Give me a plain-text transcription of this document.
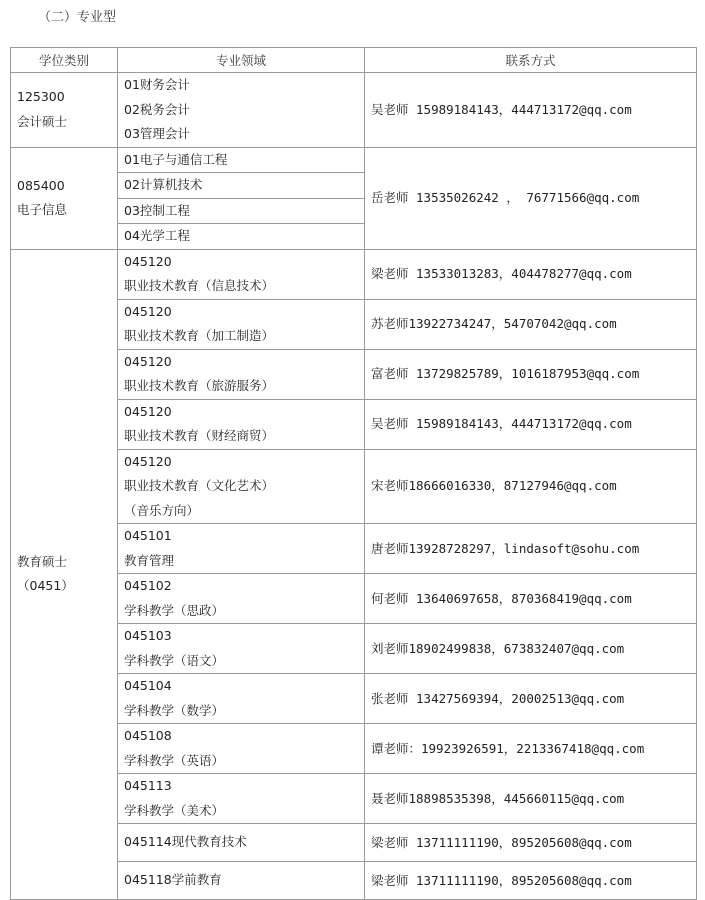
（二）专业型
学位类别	专业领域	联系方式

125300
会计硕士	01财务会计
02税务会计
03管理会计	吴老师 15989184143，444713172@qq.com

085400
电子信息	01电子与通信工程	岳老师 13535026242 ， 76771566@qq.com

	02计算机技术	

	03控制工程	

	04光学工程	

教育硕士
（0451）	045120
职业技术教育（信息技术）	梁老师 13533013283，404478277@qq.com

	045120
职业技术教育（加工制造）	苏老师13922734247，54707042@qq.com

	045120
职业技术教育（旅游服务）	富老师 13729825789，1016187953@qq.com

	045120
职业技术教育（财经商贸）	吴老师 15989184143，444713172@qq.com

	045120
职业技术教育（文化艺术）
（音乐方向）	宋老师18666016330，87127946@qq.com

	045101
教育管理	唐老师13928728297，lindasoft@sohu.com

	045102
学科教学（思政）	何老师 13640697658，870368419@qq.com

	045103
学科教学（语文）	刘老师18902499838，673832407@qq.com

	045104
学科教学（数学）	张老师 13427569394，20002513@qq.com

	045108
学科教学（英语）	谭老师：19923926591，2213367418@qq.com

	045113
学科教学（美术）	聂老师18898535398，445660115@qq.com

	045114现代教育技术	梁老师 13711111190，895205608@qq.com

	045118学前教育	梁老师 13711111190，895205608@qq.com
